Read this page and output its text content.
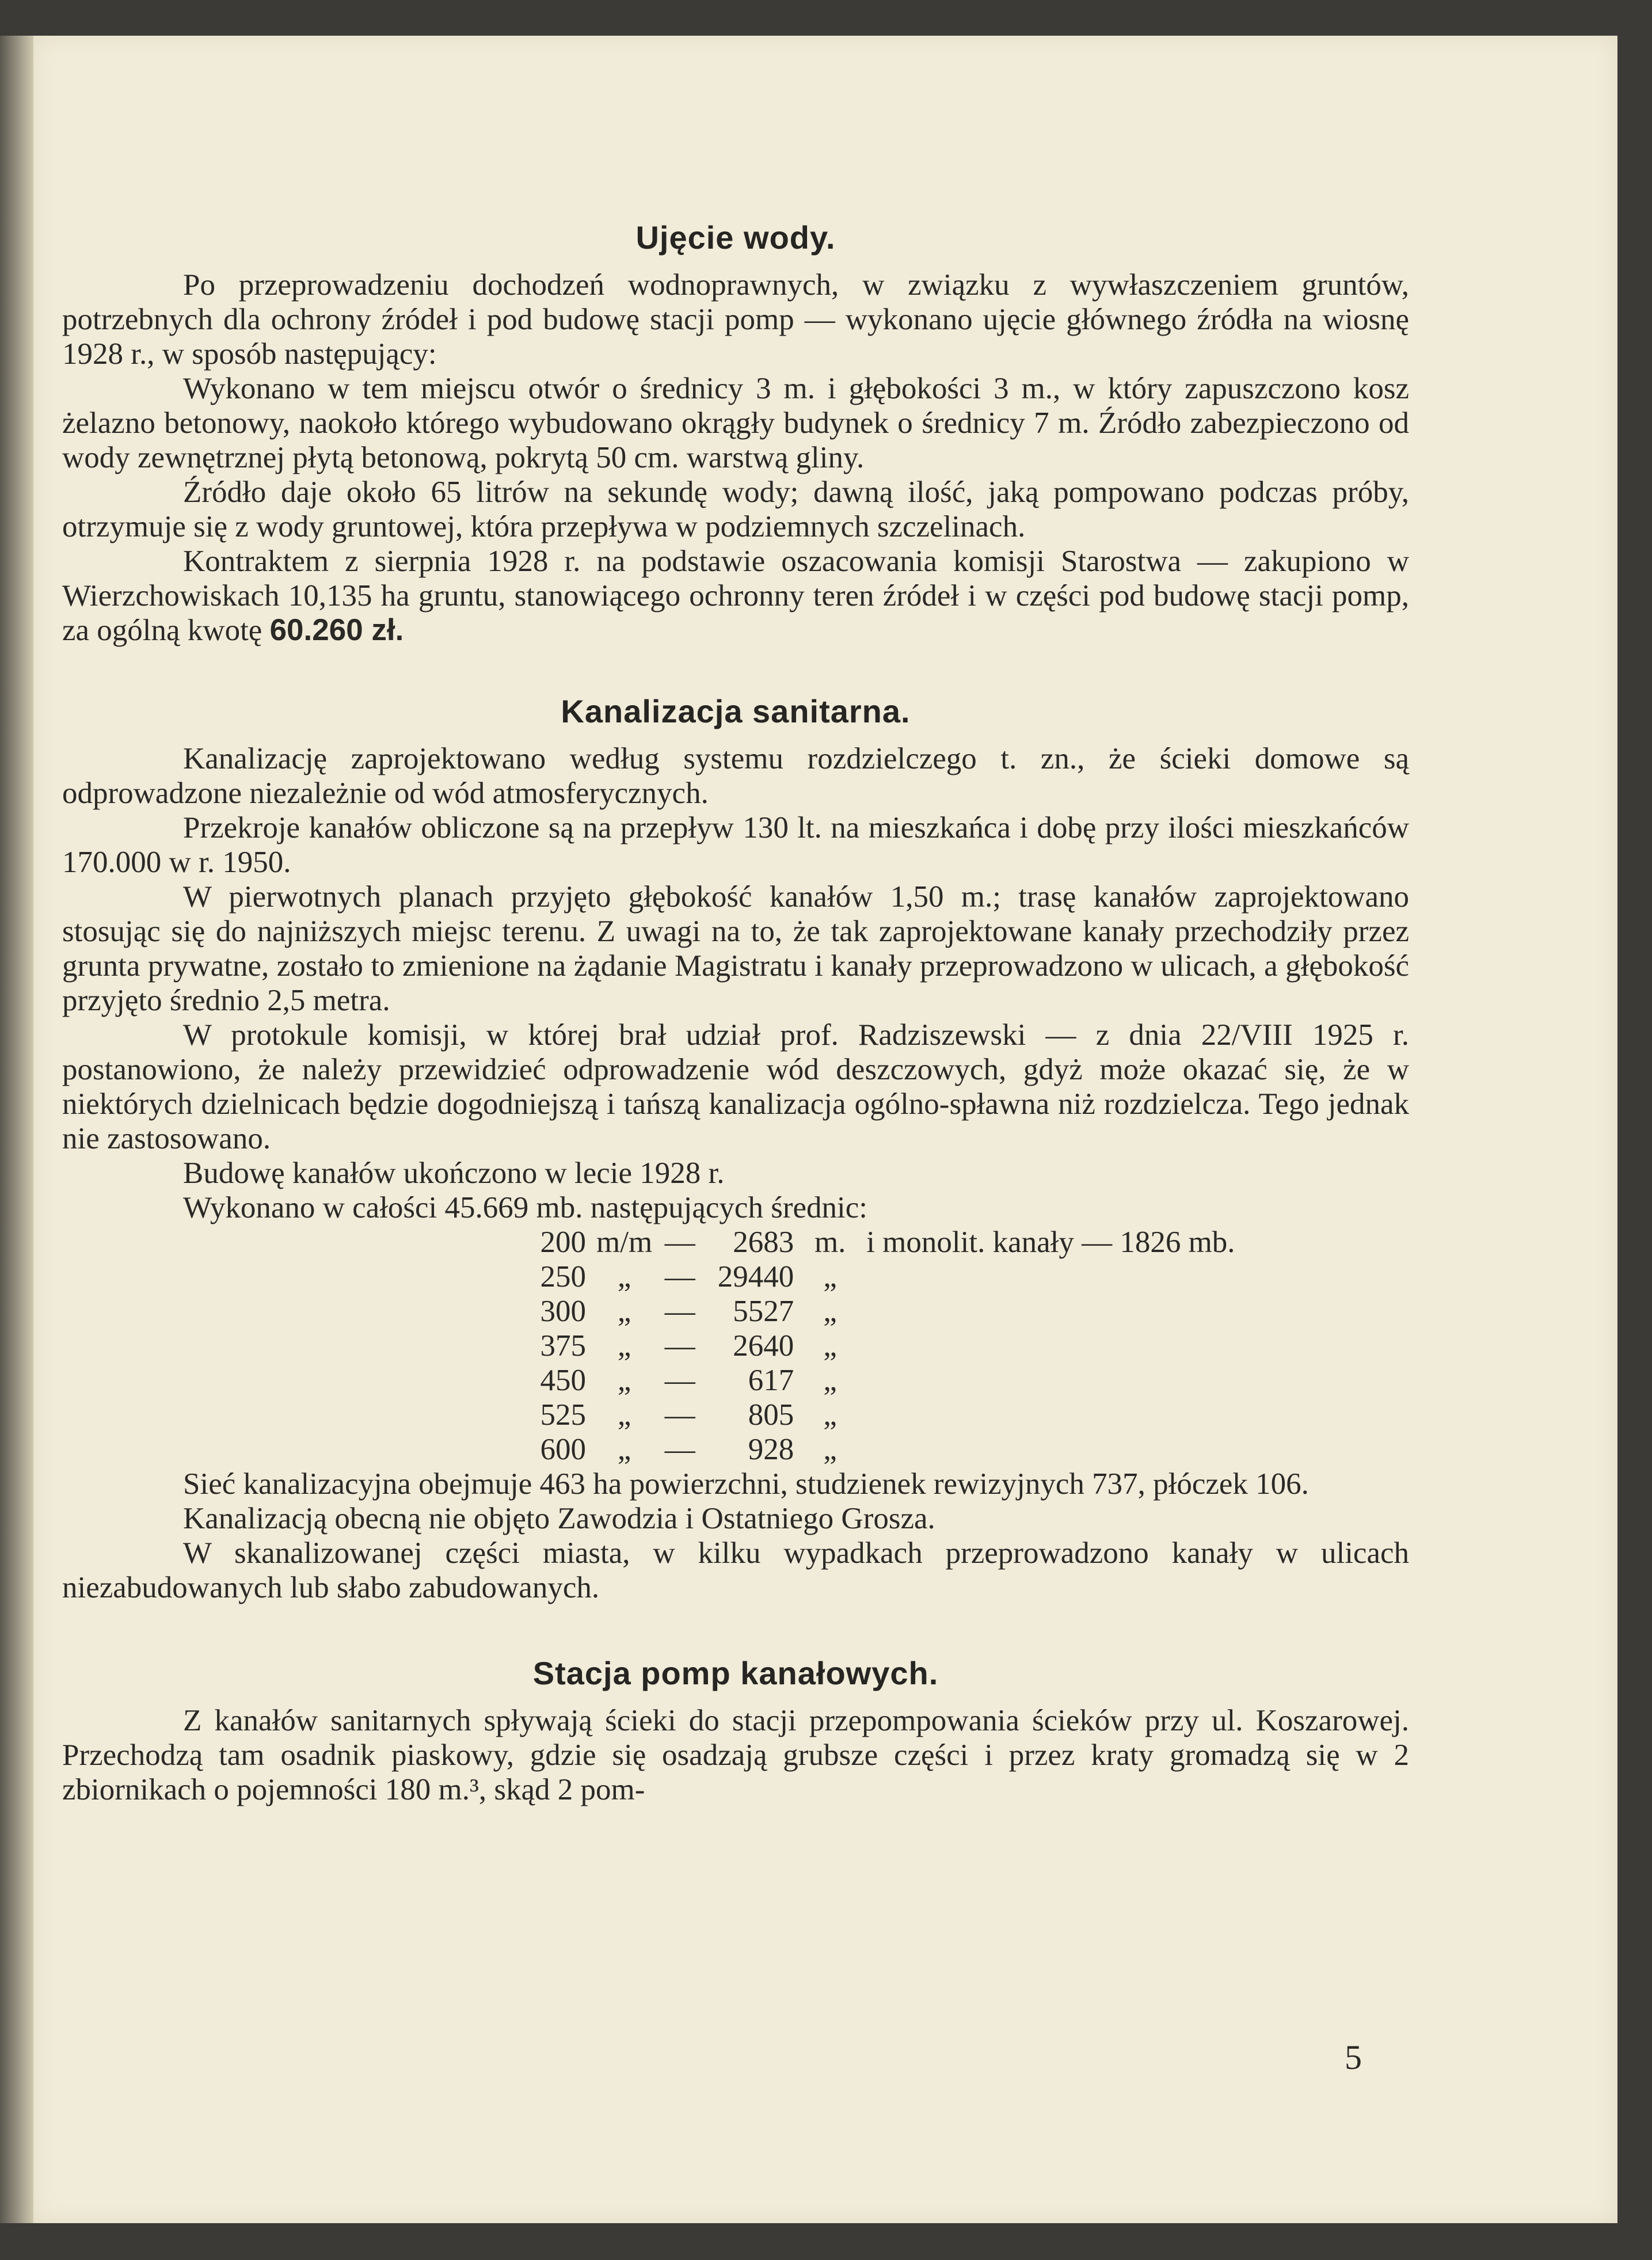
Ujęcie wody.

Po przeprowadzeniu dochodzeń wodnoprawnych, w związku z wywłaszczeniem gruntów, potrzebnych dla ochrony źródeł i pod budowę stacji pomp — wykonano ujęcie głównego źródła na wiosnę 1928 r., w sposób następujący:

Wykonano w tem miejscu otwór o średnicy 3 m. i głębokości 3 m., w który zapuszczono kosz żelazno betonowy, naokoło którego wybudowano okrągły budynek o średnicy 7 m. Źródło zabezpieczono od wody zewnętrznej płytą betonową, pokrytą 50 cm. warstwą gliny.

Źródło daje około 65 litrów na sekundę wody; dawną ilość, jaką pompowano podczas próby, otrzymuje się z wody gruntowej, która przepływa w podziemnych szczelinach.

Kontraktem z sierpnia 1928 r. na podstawie oszacowania komisji Starostwa — zakupiono w Wierzchowiskach 10,135 ha gruntu, stanowiącego ochronny teren źródeł i w części pod budowę stacji pomp, za ogólną kwotę 60.260 zł.

Kanalizacja sanitarna.

Kanalizację zaprojektowano według systemu rozdzielczego t. zn., że ścieki domowe są odprowadzone niezależnie od wód atmosferycznych.

Przekroje kanałów obliczone są na przepływ 130 lt. na mieszkańca i dobę przy ilości mieszkańców 170.000 w r. 1950.

W pierwotnych planach przyjęto głębokość kanałów 1,50 m.; trasę kanałów zaprojektowano stosując się do najniższych miejsc terenu. Z uwagi na to, że tak zaprojektowane kanały przechodziły przez grunta prywatne, zostało to zmienione na żądanie Magistratu i kanały przeprowadzono w ulicach, a głębokość przyjęto średnio 2,5 metra.

W protokule komisji, w której brał udział prof. Radziszewski — z dnia 22/VIII 1925 r. postanowiono, że należy przewidzieć odprowadzenie wód deszczowych, gdyż może okazać się, że w niektórych dzielnicach będzie dogodniejszą i tańszą kanalizacja ogólno-spławna niż rozdzielcza. Tego jednak nie zastosowano.

Budowę kanałów ukończono w lecie 1928 r.

Wykonano w całości 45.669 mb. następujących średnic:

200	m/m	—	2683	m.	i monolit. kanały — 1826 mb.
250	„	—	29440	„	
300	„	—	5527	„	
375	„	—	2640	„	
450	„	—	617	„	
525	„	—	805	„	
600	„	—	928	„	

Sieć kanalizacyjna obejmuje 463 ha powierzchni, studzienek rewizyjnych 737, płóczek 106.

Kanalizacją obecną nie objęto Zawodzia i Ostatniego Grosza.

W skanalizowanej części miasta, w kilku wypadkach przeprowadzono kanały w ulicach niezabudowanych lub słabo zabudowanych.

Stacja pomp kanałowych.

Z kanałów sanitarnych spływają ścieki do stacji przepompowania ścieków przy ul. Koszarowej. Przechodzą tam osadnik piaskowy, gdzie się osadzają grubsze części i przez kraty gromadzą się w 2 zbiornikach o pojemności 180 m.³, skąd 2 pom-

5
